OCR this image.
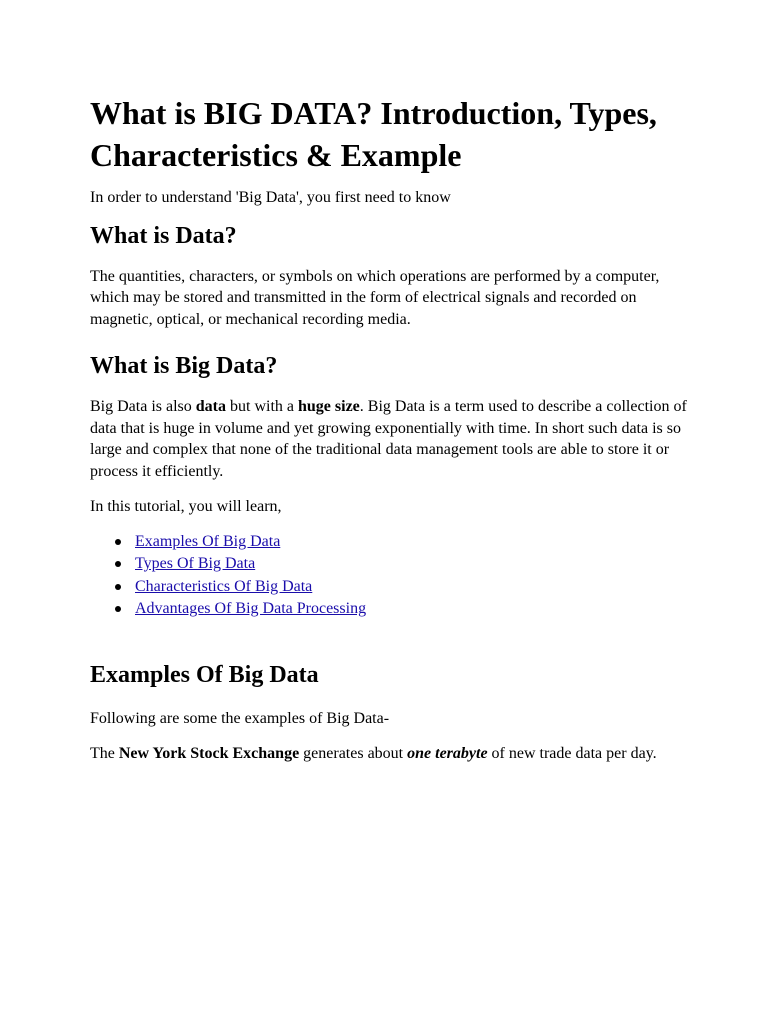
What is BIG DATA? Introduction, Types, Characteristics & Example

In order to understand 'Big Data', you first need to know

What is Data?

The quantities, characters, or symbols on which operations are performed by a computer, which may be stored and transmitted in the form of electrical signals and recorded on magnetic, optical, or mechanical recording media.

What is Big Data?

Big Data is also data but with a huge size. Big Data is a term used to describe a collection of data that is huge in volume and yet growing exponentially with time. In short such data is so large and complex that none of the traditional data management tools are able to store it or process it efficiently.

In this tutorial, you will learn,

Examples Of Big Data
Types Of Big Data
Characteristics Of Big Data
Advantages Of Big Data Processing
Examples Of Big Data

Following are some the examples of Big Data-

The New York Stock Exchange generates about one terabyte of new trade data per day.
